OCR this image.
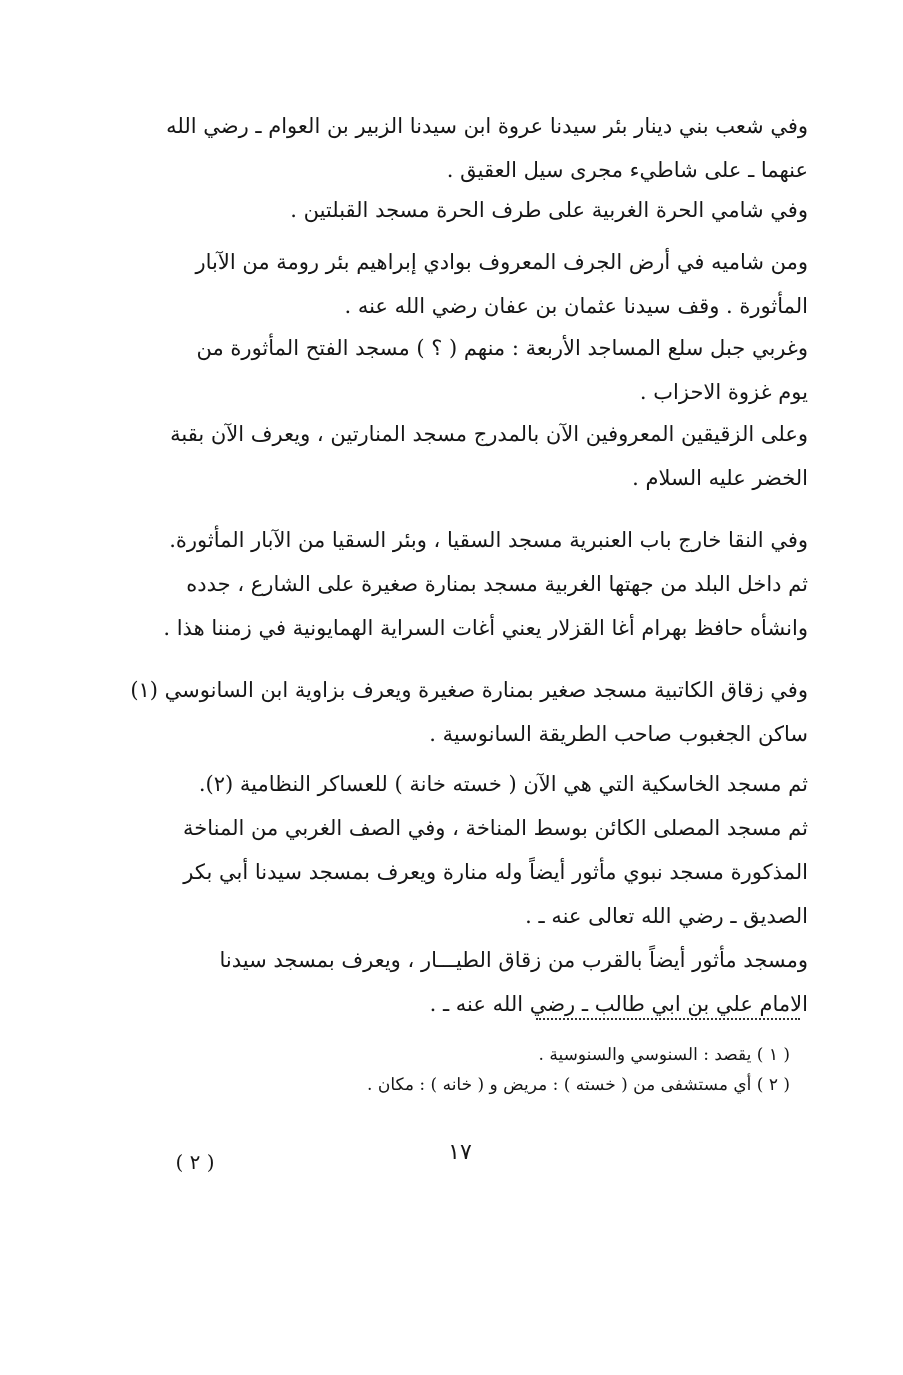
وفي شعب بني دينار بئر سيدنا عروة ابن سيدنا الزبير بن العوام ـ رضي الله
عنهما ـ على شاطيء مجرى سيل العقيق .
وفي شامي الحرة الغربية على طرف الحرة مسجد القبلتين .
ومن شاميه في أرض الجرف المعروف بوادي إبراهيم بئر رومة من الآبار
المأثورة . وقف سيدنا عثمان بن عفان رضي الله عنه .
وغربي جبل سلع المساجد الأربعة : منهم ( ؟ ) مسجد الفتح المأثورة من
يوم غزوة الاحزاب .
وعلى الزقيقين المعروفين الآن بالمدرج مسجد المنارتين ، ويعرف الآن بقبة
الخضر عليه السلام .
وفي النقا خارج باب العنبرية مسجد السقيا ، وبئر السقيا من الآبار المأثورة.
ثم داخل البلد من جهتها الغربية مسجد بمنارة صغيرة على الشارع ، جدده
وانشأه حافظ بهرام أغا القزلار يعني أغات السراية الهمايونية في زمننا هذا .
وفي زقاق الكاتبية مسجد صغير بمنارة صغيرة ويعرف بزاوية ابن السانوسي (١)
ساكن الجغبوب صاحب الطريقة السانوسية .
ثم مسجد الخاسكية التي هي الآن ( خسته خانة ) للعساكر النظامية (٢).
ثم مسجد المصلى الكائن بوسط المناخة ، وفي الصف الغربي من المناخة
المذكورة مسجد نبوي مأثور أيضاً وله منارة ويعرف بمسجد سيدنا أبي بكر
الصديق ـ رضي الله تعالى عنه ـ .
ومسجد مأثور أيضاً بالقرب من زقاق الطيـــار ، ويعرف بمسجد سيدنا
الامام علي بن ابي طالب ـ رضي الله عنه ـ .
( ١ ) يقصد : السنوسي والسنوسية .
( ٢ ) أي مستشفى من ( خسته ) : مريض و ( خانه ) : مكان .
١٧
( ٢ )
